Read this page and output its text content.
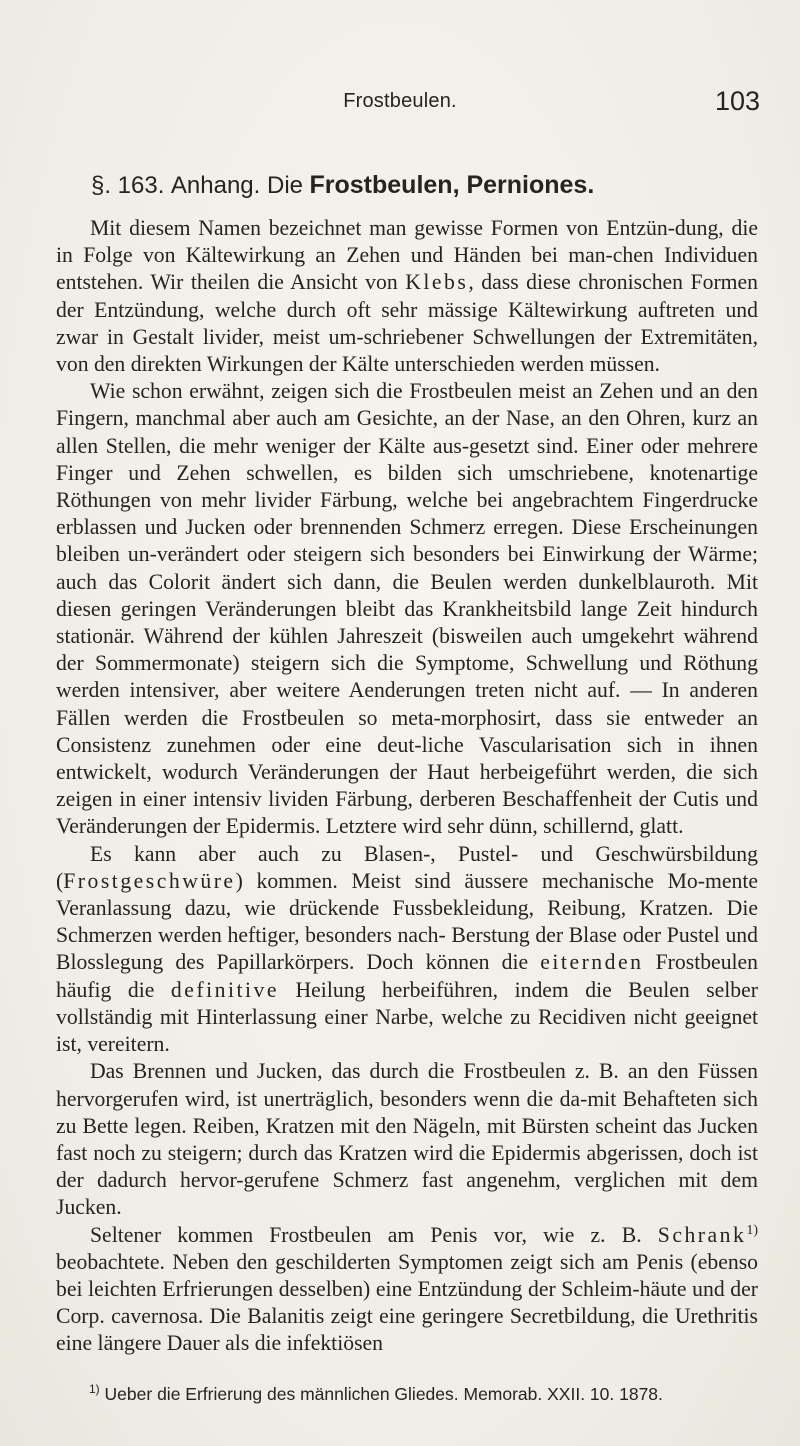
Frostbeulen.	103
§. 163. Anhang. Die Frostbeulen, Perniones.

Mit diesem Namen bezeichnet man gewisse Formen von Entzün-dung, die in Folge von Kältewirkung an Zehen und Händen bei man-chen Individuen entstehen. Wir theilen die Ansicht von Klebs, dass diese chronischen Formen der Entzündung, welche durch oft sehr mässige Kältewirkung auftreten und zwar in Gestalt livider, meist um-schriebener Schwellungen der Extremitäten, von den direkten Wirkungen der Kälte unterschieden werden müssen.

Wie schon erwähnt, zeigen sich die Frostbeulen meist an Zehen und an den Fingern, manchmal aber auch am Gesichte, an der Nase, an den Ohren, kurz an allen Stellen, die mehr weniger der Kälte aus-gesetzt sind. Einer oder mehrere Finger und Zehen schwellen, es bilden sich umschriebene, knotenartige Röthungen von mehr livider Färbung, welche bei angebrachtem Fingerdrucke erblassen und Jucken oder brennenden Schmerz erregen. Diese Erscheinungen bleiben un-verändert oder steigern sich besonders bei Einwirkung der Wärme; auch das Colorit ändert sich dann, die Beulen werden dunkelblauroth. Mit diesen geringen Veränderungen bleibt das Krankheitsbild lange Zeit hindurch stationär. Während der kühlen Jahreszeit (bisweilen auch umgekehrt während der Sommermonate) steigern sich die Symptome, Schwellung und Röthung werden intensiver, aber weitere Aenderungen treten nicht auf. — In anderen Fällen werden die Frostbeulen so meta-morphosirt, dass sie entweder an Consistenz zunehmen oder eine deut-liche Vascularisation sich in ihnen entwickelt, wodurch Veränderungen der Haut herbeigeführt werden, die sich zeigen in einer intensiv lividen Färbung, derberen Beschaffenheit der Cutis und Veränderungen der Epidermis. Letztere wird sehr dünn, schillernd, glatt.

Es kann aber auch zu Blasen-, Pustel- und Geschwürsbildung (Frostgeschwüre) kommen. Meist sind äussere mechanische Mo-mente Veranlassung dazu, wie drückende Fussbekleidung, Reibung, Kratzen. Die Schmerzen werden heftiger, besonders nach- Berstung der Blase oder Pustel und Blosslegung des Papillarkörpers. Doch können die eiternden Frostbeulen häufig die definitive Heilung herbeiführen, indem die Beulen selber vollständig mit Hinterlassung einer Narbe, welche zu Recidiven nicht geeignet ist, vereitern.

Das Brennen und Jucken, das durch die Frostbeulen z. B. an den Füssen hervorgerufen wird, ist unerträglich, besonders wenn die da-mit Behafteten sich zu Bette legen. Reiben, Kratzen mit den Nägeln, mit Bürsten scheint das Jucken fast noch zu steigern; durch das Kratzen wird die Epidermis abgerissen, doch ist der dadurch hervor-gerufene Schmerz fast angenehm, verglichen mit dem Jucken.

Seltener kommen Frostbeulen am Penis vor, wie z. B. Schrank$^{1)}$ beobachtete. Neben den geschilderten Symptomen zeigt sich am Penis (ebenso bei leichten Erfrierungen desselben) eine Entzündung der Schleim-häute und der Corp. cavernosa. Die Balanitis zeigt eine geringere Secretbildung, die Urethritis eine längere Dauer als die infektiösen

$^{1)}$ Ueber die Erfrierung des männlichen Gliedes. Memorab. XXII. 10. 1878.
